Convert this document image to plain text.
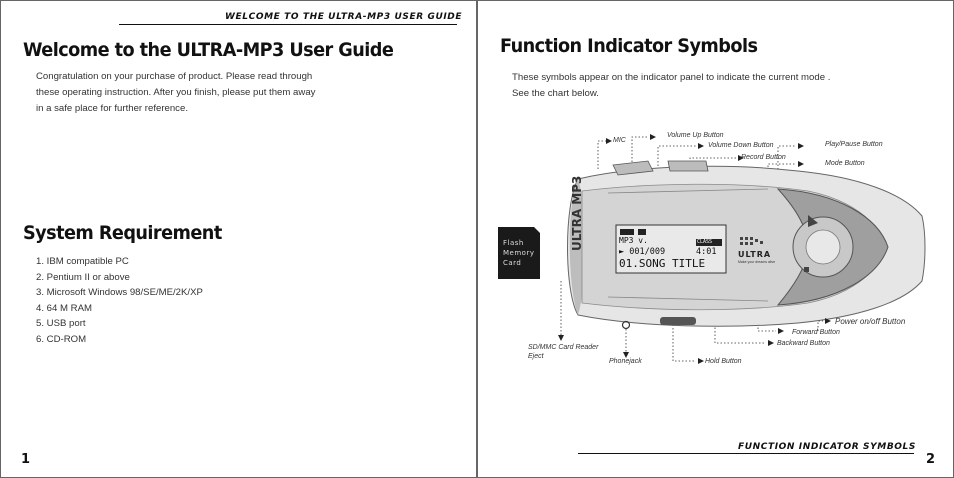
WELCOME TO THE ULTRA-MP3 USER GUIDE
Welcome to the ULTRA-MP3 User Guide
Congratulation on your purchase of product. Please read through
these operating instruction. After you finish, please put them away
in a safe place for further reference.
System Requirement
1. IBM compatible PC
2. Pentium II or above
3. Microsoft Windows 98/SE/ME/2K/XP
4. 64 M RAM
5. USB port
6. CD-ROM
1
Function Indicator Symbols
These symbols appear on the indicator panel to indicate the current mode .
See the chart below.
Flash
Memory
Card
ULTRA MP3	MP3 v.	CLASS
► 001/009	4:01
01.SONG TITLE
ULTRA
Make your dreams alive
MIC
Volume Up Button
Volume Down Button
Record Button
Play/Pause Button
Mode Button
Power on/off Button
Forward Button
Backward Button
Hold Button
Phonejack
SD/MMC Card Reader
Eject
FUNCTION INDICATOR SYMBOLS
2
